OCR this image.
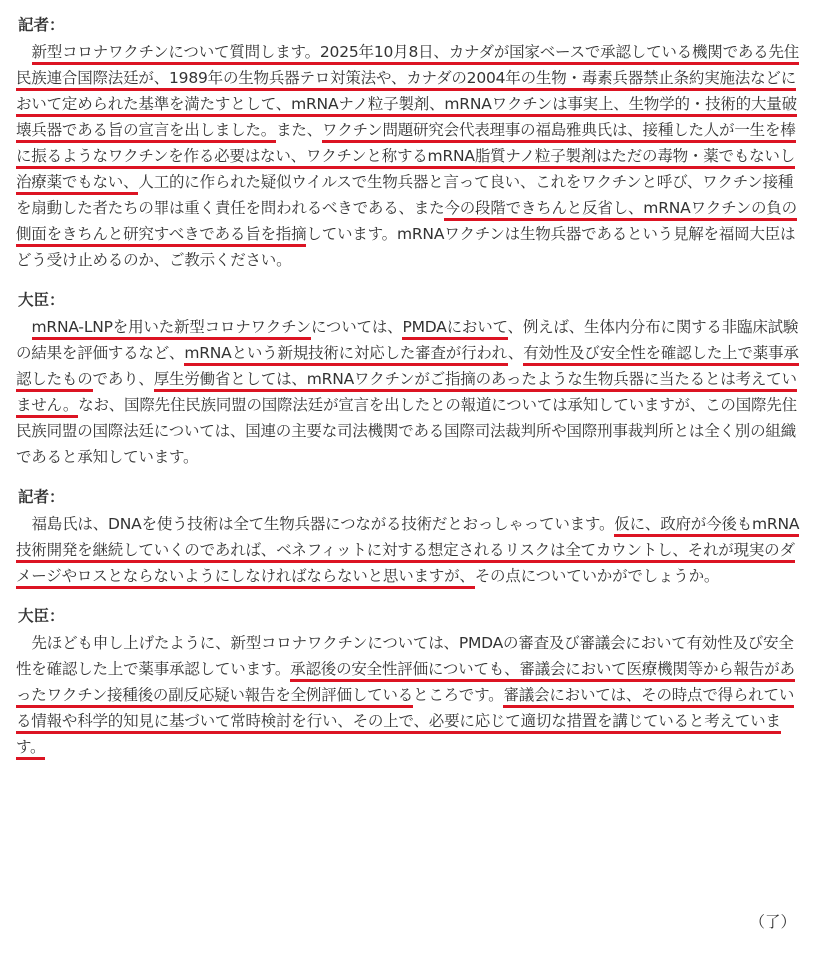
記者：

新型コロナワクチンについて質問します。2025年10月8日、カナダが国家ベースで承認している機関である先住民族連合国際法廷が、1989年の生物兵器テロ対策法や、カナダの2004年の生物・毒素兵器禁止条約実施法などにおいて定められた基準を満たすとして、mRNAナノ粒子製剤、mRNAワクチンは事実上、生物学的・技術的大量破壊兵器である旨の宣言を出しました。また、ワクチン問題研究会代表理事の福島雅典氏は、接種した人が一生を棒に振るようなワクチンを作る必要はない、ワクチンと称するmRNA脂質ナノ粒子製剤はただの毒物・薬でもないし治療薬でもない、人工的に作られた疑似ウイルスで生物兵器と言って良い、これをワクチンと呼び、ワクチン接種を扇動した者たちの罪は重く責任を問われるべきである、また今の段階できちんと反省し、mRNAワクチンの負の側面をきちんと研究すべきである旨を指摘しています。mRNAワクチンは生物兵器であるという見解を福岡大臣はどう受け止めるのか、ご教示ください。

大臣：

mRNA-LNPを用いた新型コロナワクチンについては、PMDAにおいて、例えば、生体内分布に関する非臨床試験の結果を評価するなど、mRNAという新規技術に対応した審査が行われ、有効性及び安全性を確認した上で薬事承認したものであり、厚生労働省としては、mRNAワクチンがご指摘のあったような生物兵器に当たるとは考えていません。なお、国際先住民族同盟の国際法廷が宣言を出したとの報道については承知していますが、この国際先住民族同盟の国際法廷については、国連の主要な司法機関である国際司法裁判所や国際刑事裁判所とは全く別の組織であると承知しています。

記者：

福島氏は、DNAを使う技術は全て生物兵器につながる技術だとおっしゃっています。仮に、政府が今後もmRNA技術開発を継続していくのであれば、ベネフィットに対する想定されるリスクは全てカウントし、それが現実のダメージやロスとならないようにしなければならないと思いますが、その点についていかがでしょうか。

大臣：

先ほども申し上げたように、新型コロナワクチンについては、PMDAの審査及び審議会において有効性及び安全性を確認した上で薬事承認しています。承認後の安全性評価についても、審議会において医療機関等から報告があったワクチン接種後の副反応疑い報告を全例評価しているところです。審議会においては、その時点で得られている情報や科学的知見に基づいて常時検討を行い、その上で、必要に応じて適切な措置を講じていると考えています。

（了）
